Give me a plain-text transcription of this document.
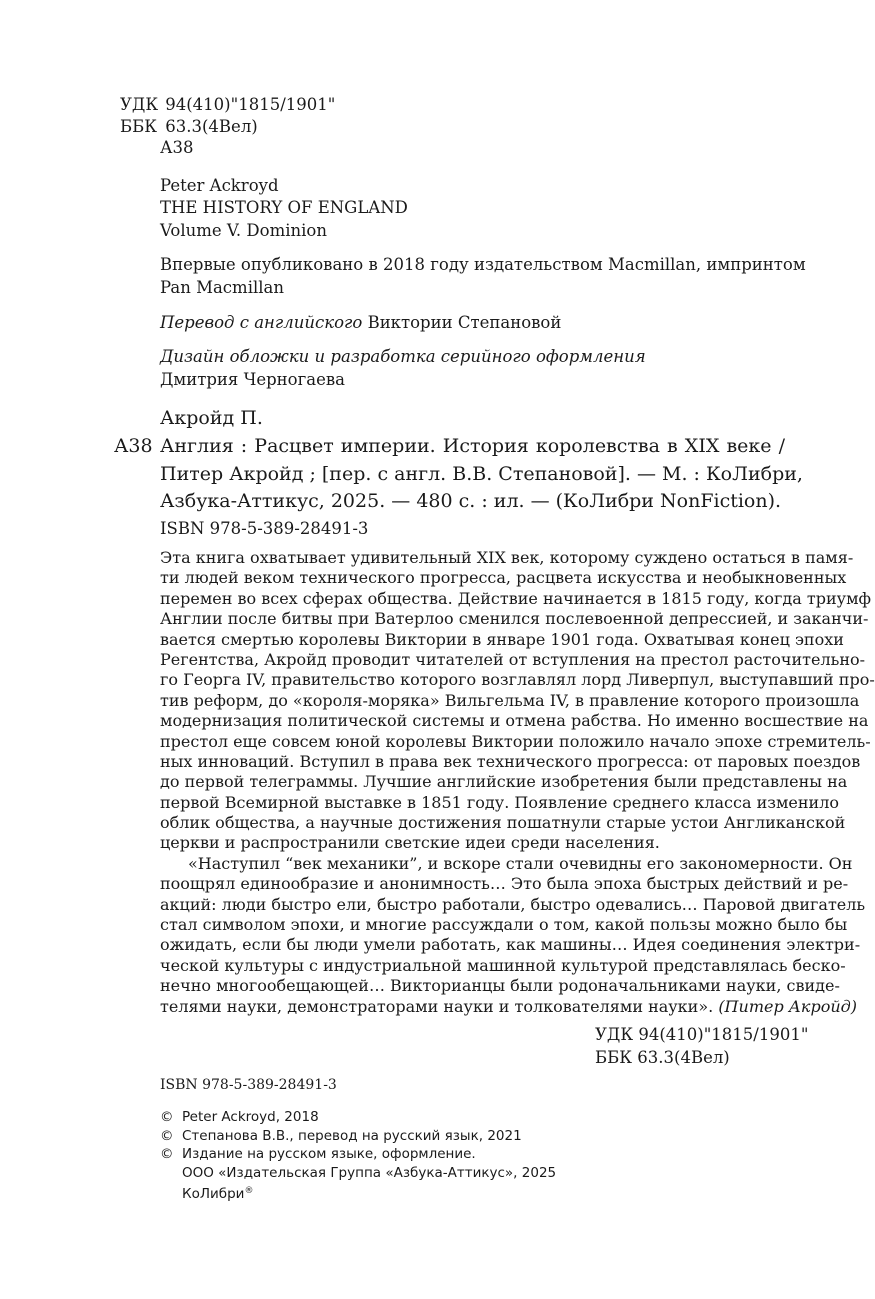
УДК 94(410)"1815/1901"
ББК 63.3(4Вел)
А38
Peter Ackroyd
THE HISTORY OF ENGLAND
Volume V. Dominion
Впервые опубликовано в 2018 году издательством Macmillan, импринтом
Pan Macmillan
Перевод с английского Виктории Степановой
Дизайн обложки и разработка серийного оформления
Дмитрия Черногаева
Акройд П.
А38 Англия : Расцвет империи. История королевства в XIX веке /
Питер Акройд ; [пер. с англ. В.В. Степановой]. — М. : КоЛибри,
Азбука-Аттикус, 2025. — 480 с. : ил. — (КоЛибри NonFiction).
ISBN 978-5-389-28491-3
Эта книга охватывает удивительный XIX век, которому суждено остаться в памя-
ти людей веком технического прогресса, расцвета искусства и необыкновенных
перемен во всех сферах общества. Действие начинается в 1815 году, когда триумф
Англии после битвы при Ватерлоо сменился послевоенной депрессией, и заканчи-
вается смертью королевы Виктории в январе 1901 года. Охватывая конец эпохи
Регентства, Акройд проводит читателей от вступления на престол расточительно-
го Георга IV, правительство которого возглавлял лорд Ливерпул, выступавший про-
тив реформ, до «короля-моряка» Вильгельма IV, в правление которого произошла
модернизация политической системы и отмена рабства. Но именно восшествие на
престол еще совсем юной королевы Виктории положило начало эпохе стремитель-
ных инноваций. Вступил в права век технического прогресса: от паровых поездов
до первой телеграммы. Лучшие английские изобретения были представлены на
первой Всемирной выставке в 1851 году. Появление среднего класса изменило
облик общества, а научные достижения пошатнули старые устои Англиканской
церкви и распространили светские идеи среди населения.
«Наступил “век механики”, и вскоре стали очевидны его закономерности. Он
поощрял единообразие и анонимность… Это была эпоха быстрых действий и ре-
акций: люди быстро ели, быстро работали, быстро одевались… Паровой двигатель
стал символом эпохи, и многие рассуждали о том, какой пользы можно было бы
ожидать, если бы люди умели работать, как машины… Идея соединения электри-
ческой культуры с индустриальной машинной культурой представлялась беско-
нечно многообещающей… Викторианцы были родоначальниками науки, свиде-
телями науки, демонстраторами науки и толкователями науки». (Питер Акройд)
УДК 94(410)"1815/1901"
ББК 63.3(4Вел)
ISBN 978-5-389-28491-3
© Peter Ackroyd, 2018
© Степанова В.В., перевод на русский язык, 2021
© Издание на русском языке, оформление.
ООО «Издательская Группа «Азбука-Аттикус», 2025
КоЛибри®
